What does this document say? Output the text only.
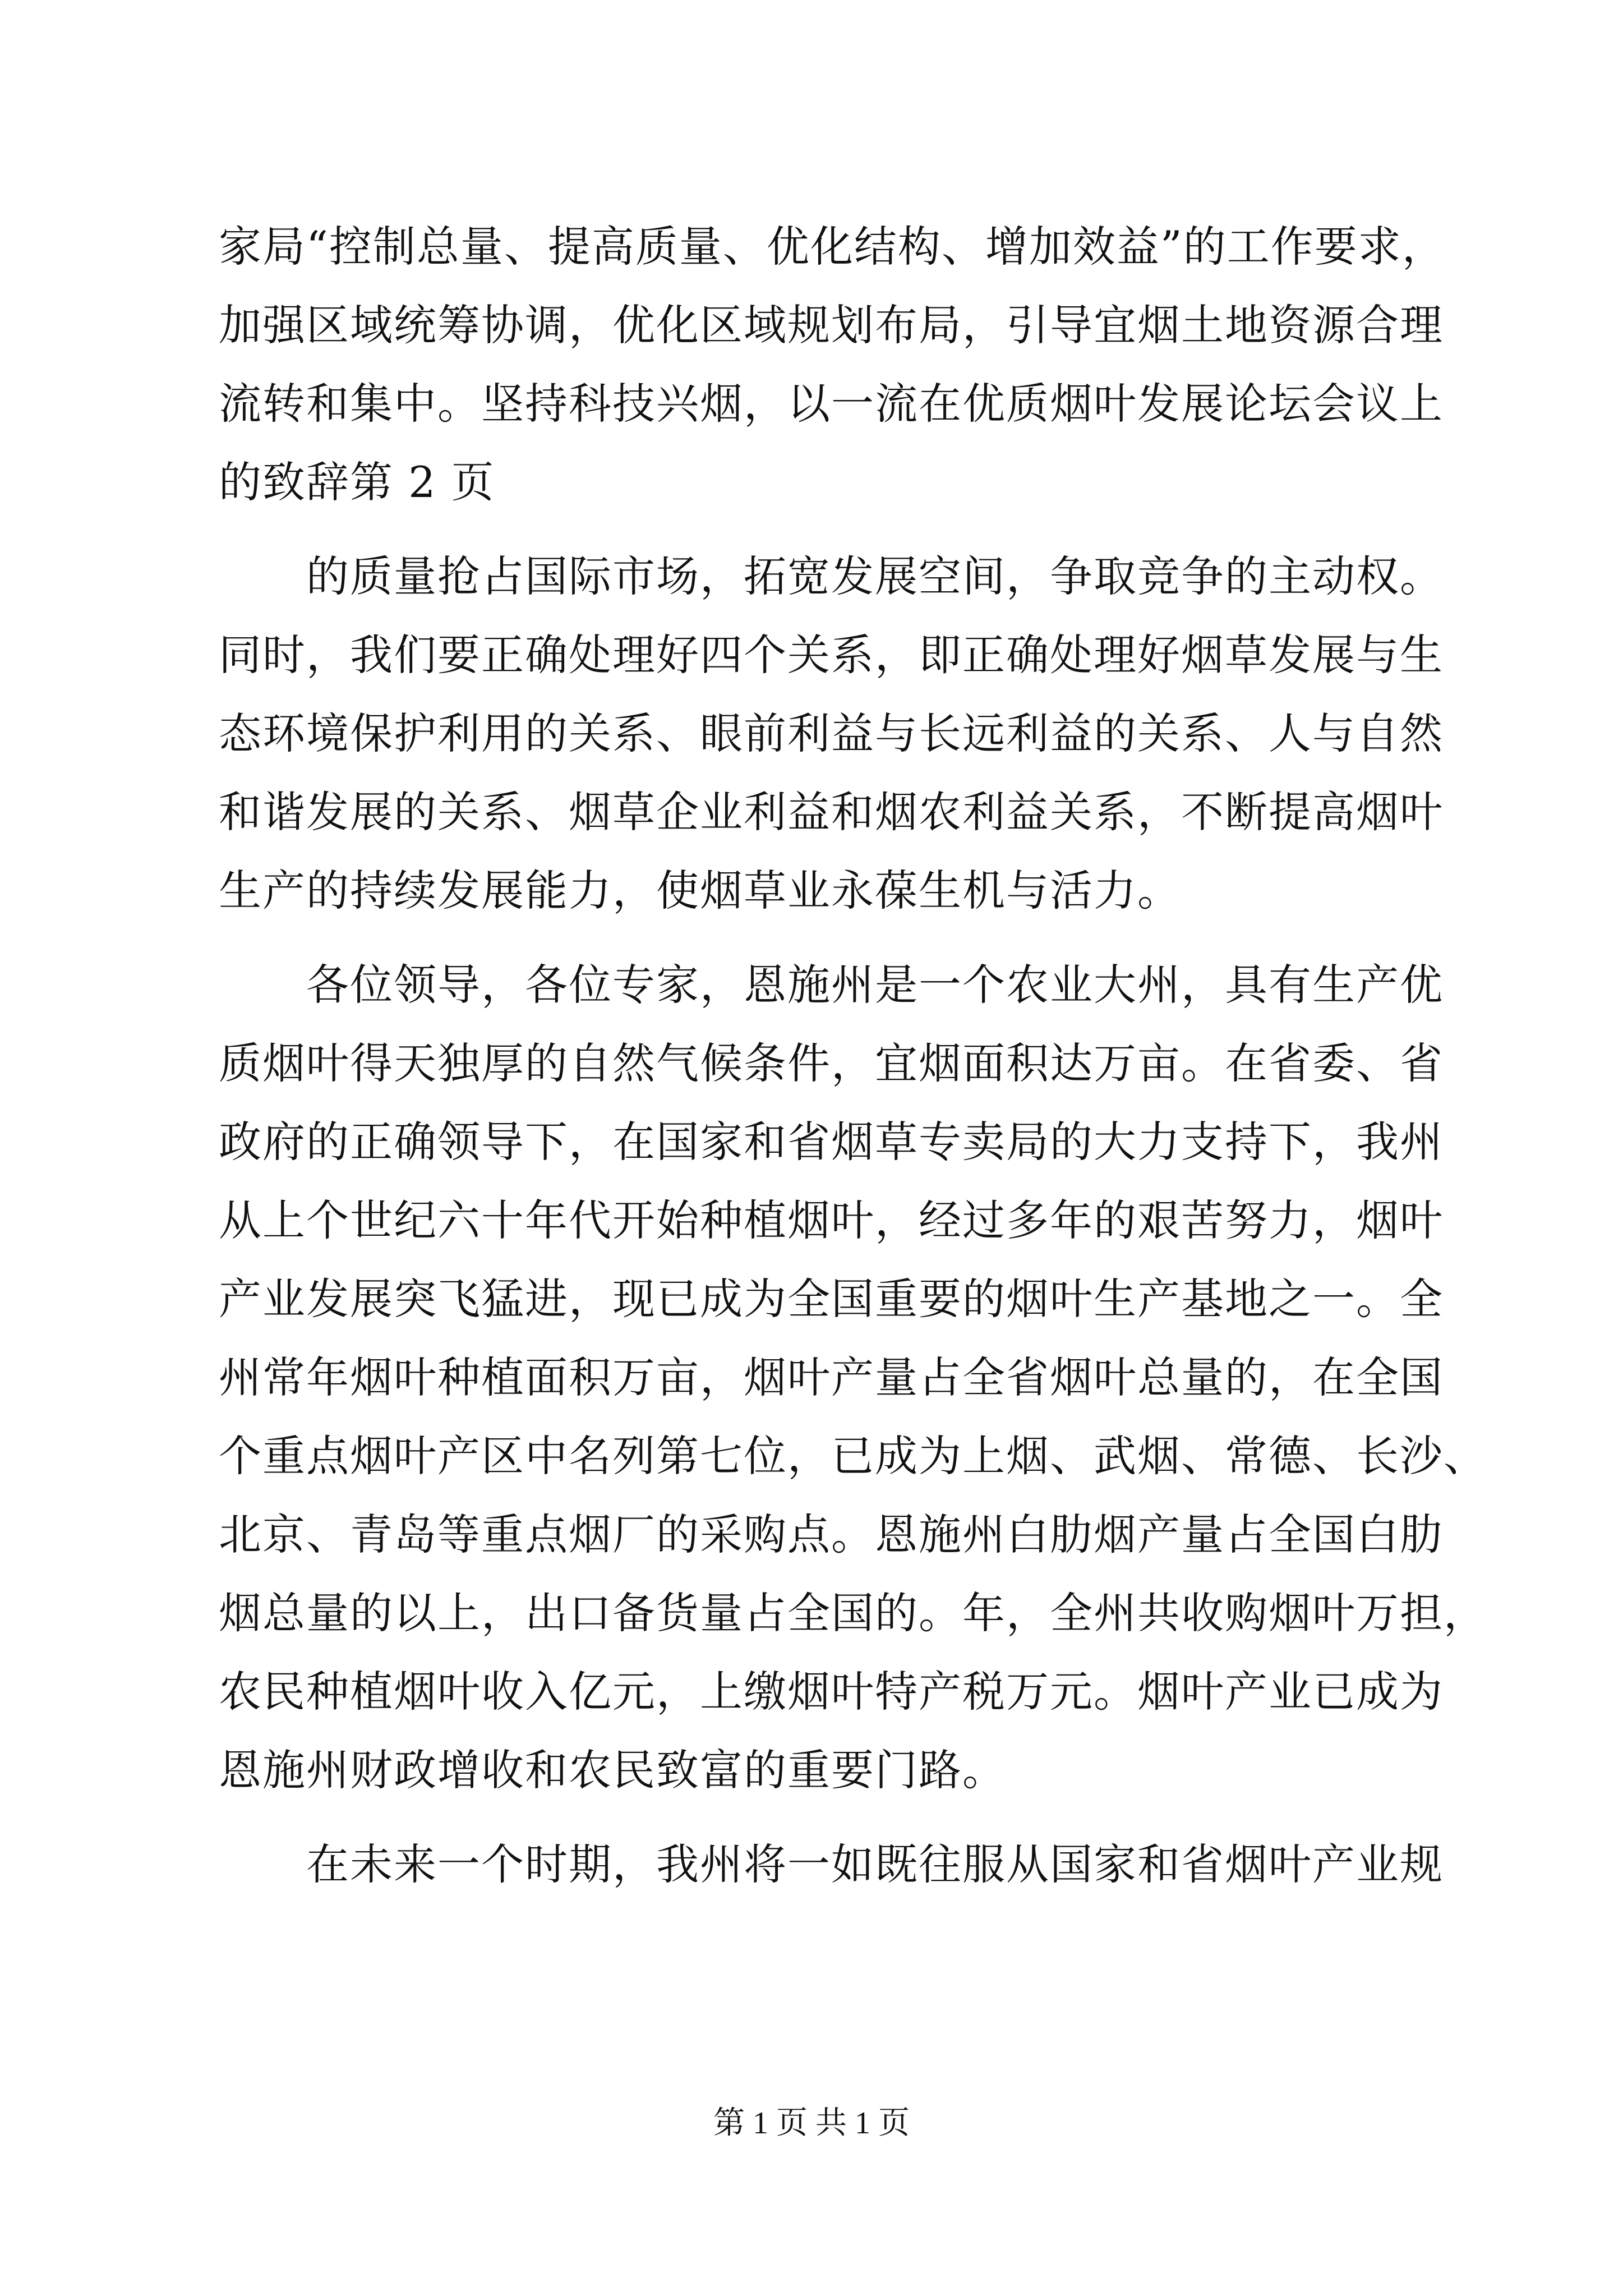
家局“控制总量、提高质量、优化结构、增加效益”的工作要求，
加强区域统筹协调，优化区域规划布局，引导宜烟土地资源合理
流转和集中。坚持科技兴烟，以一流在优质烟叶发展论坛会议上
的致辞第 2 页
　　的质量抢占国际市场，拓宽发展空间，争取竞争的主动权。
同时，我们要正确处理好四个关系，即正确处理好烟草发展与生
态环境保护利用的关系、眼前利益与长远利益的关系、人与自然
和谐发展的关系、烟草企业利益和烟农利益关系，不断提高烟叶
生产的持续发展能力，使烟草业永葆生机与活力。
　　各位领导，各位专家，恩施州是一个农业大州，具有生产优
质烟叶得天独厚的自然气候条件，宜烟面积达万亩。在省委、省
政府的正确领导下，在国家和省烟草专卖局的大力支持下，我州
从上个世纪六十年代开始种植烟叶，经过多年的艰苦努力，烟叶
产业发展突飞猛进，现已成为全国重要的烟叶生产基地之一。全
州常年烟叶种植面积万亩，烟叶产量占全省烟叶总量的，在全国
个重点烟叶产区中名列第七位，已成为上烟、武烟、常德、长沙、
北京、青岛等重点烟厂的采购点。恩施州白肋烟产量占全国白肋
烟总量的以上，出口备货量占全国的。年，全州共收购烟叶万担，
农民种植烟叶收入亿元，上缴烟叶特产税万元。烟叶产业已成为
恩施州财政增收和农民致富的重要门路。
　　在未来一个时期，我州将一如既往服从国家和省烟叶产业规
第 1 页 共 1 页
